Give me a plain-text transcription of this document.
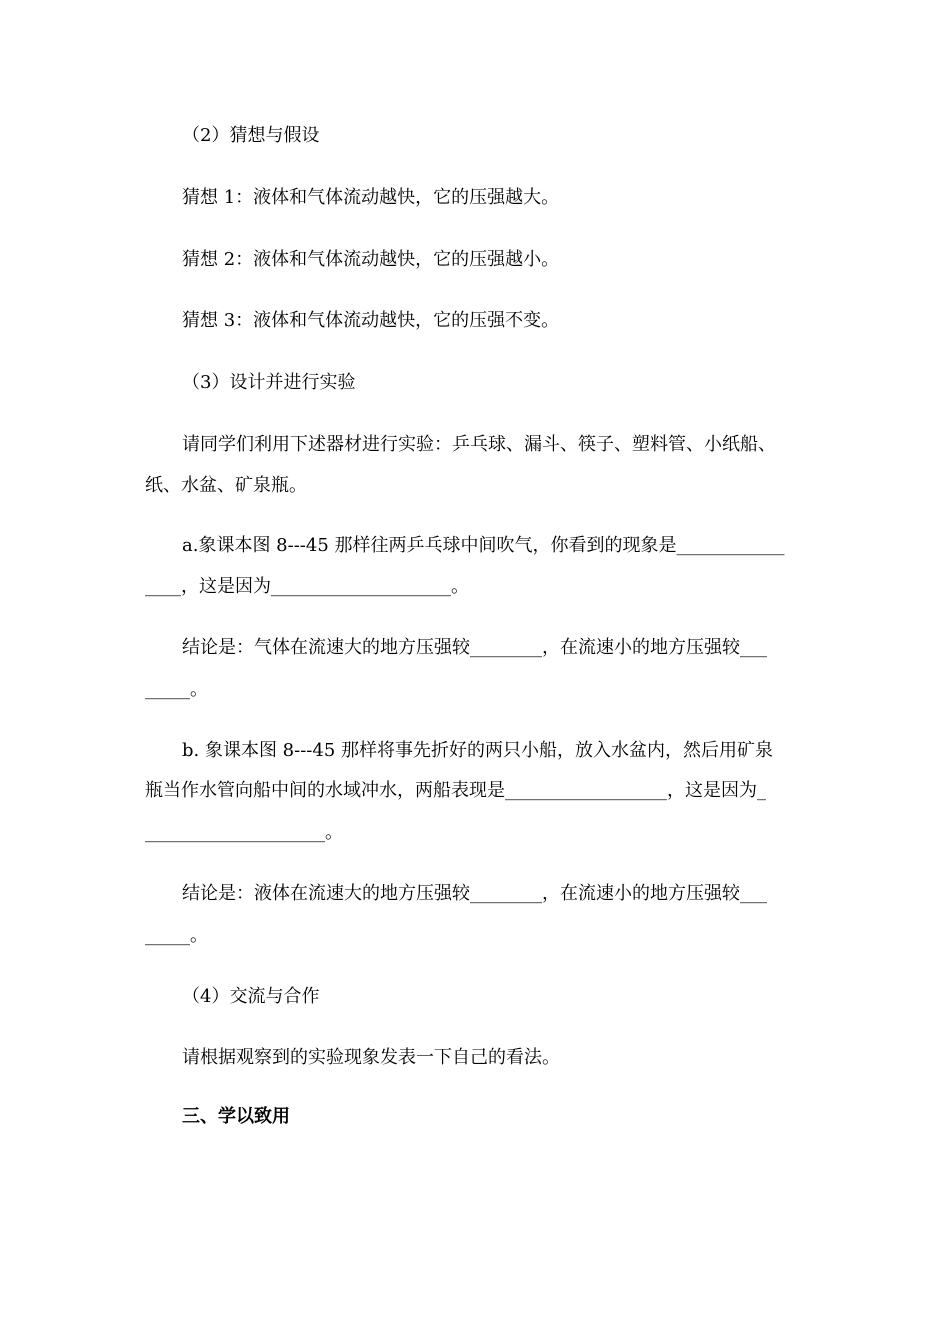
（2）猜想与假设
猜想 1：液体和气体流动越快，它的压强越大。
猜想 2：液体和气体流动越快，它的压强越小。
猜想 3：液体和气体流动越快，它的压强不变。
（3）设计并进行实验
请同学们利用下述器材进行实验：乒乓球、漏斗、筷子、塑料管、小纸船、
纸、水盆、矿泉瓶。
a.象课本图 8---45 那样往两乒乓球中间吹气，你看到的现象是____________
____，这是因为____________________。
结论是：气体在流速大的地方压强较________，在流速小的地方压强较___
_____。
b. 象课本图 8---45 那样将事先折好的两只小船，放入水盆内，然后用矿泉
瓶当作水管向船中间的水域冲水，两船表现是__________________，这是因为_
____________________。
结论是：液体在流速大的地方压强较________，在流速小的地方压强较___
_____。
（4）交流与合作
请根据观察到的实验现象发表一下自己的看法。
三、学以致用
